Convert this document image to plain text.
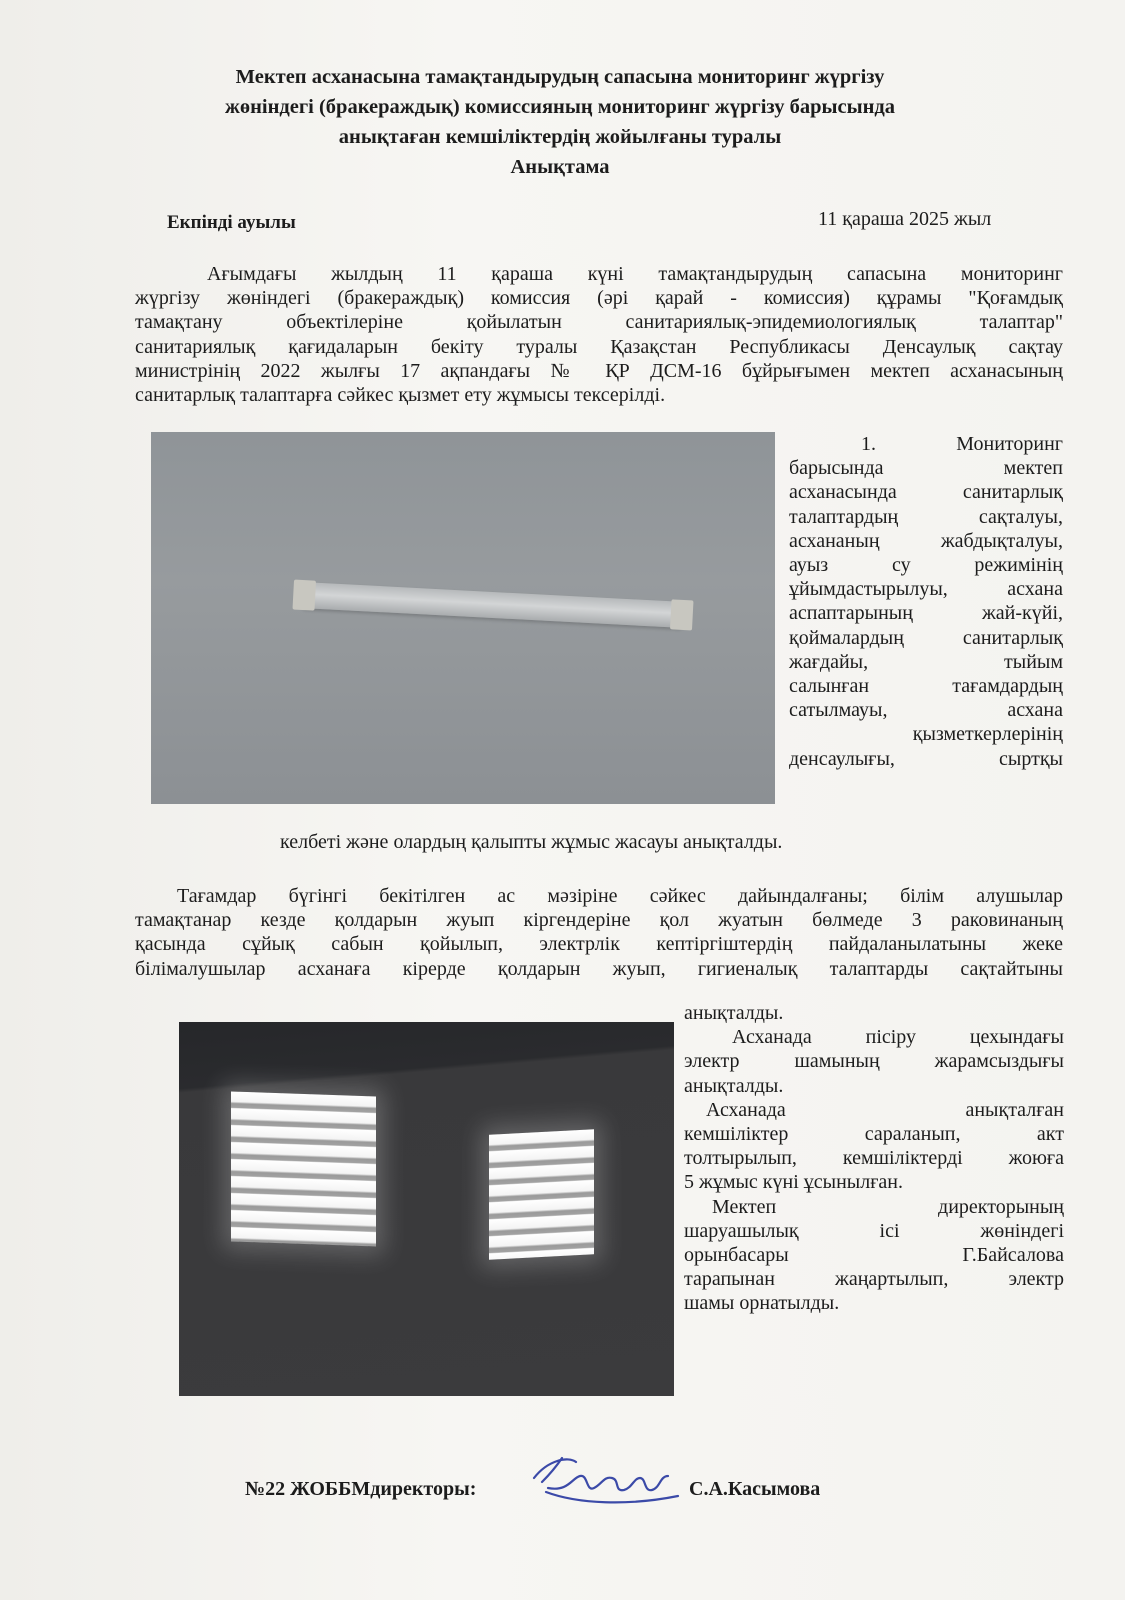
Мектеп асханасына тамақтандырудың сапасына мониторинг жүргізу
жөніндегі (бракераждық) комиссияның мониторинг жүргізу барысында
анықтаған кемшіліктердің жойылғаны туралы
Анықтама
Екпінді ауылы	11 қараша 2025 жыл
Ағымдағы жылдың 11 қараша күні тамақтандырудың сапасына мониторинг
жүргізу жөніндегі (бракераждық) комиссия (әрі қарай - комиссия) құрамы "Қоғамдық
тамақтану объектілеріне қойылатын санитариялық-эпидемиологиялық талаптар"
санитариялық қағидаларын бекіту туралы Қазақстан Республикасы Денсаулық сақтау
министрінің 2022 жылғы 17 ақпандағы № ҚР ДСМ-16 бұйрығымен мектеп асханасының
санитарлық талаптарға сәйкес қызмет ету жұмысы тексерілді.
1. Мониторинг
барысында мектеп
асханасында санитарлық
талаптардың сақталуы,
асхананың жабдықталуы,
ауыз су режимінің
ұйымдастырылуы, асхана
аспаптарының жай-күйі,
қоймалардың санитарлық
жағдайы, тыйым
салынған тағамдардың
сатылмауы, асхана
қызметкерлерінің
денсаулығы, сыртқы
келбеті және олардың қалыпты жұмыс жасауы анықталды.
Тағамдар бүгінгі бекітілген ас мәзіріне сәйкес дайындалғаны; білім алушылар
тамақтанар кезде қолдарын жуып кіргендеріне қол жуатын бөлмеде 3 раковинаның
қасында сұйық сабын қойылып, электрлік кептіргіштердің пайдаланылатыны жеке
білімалушылар асханаға кірерде қолдарын жуып, гигиеналық талаптарды сақтайтыны
анықталды.
Асханада пісіру цехындағы
электр шамының жарамсыздығы
анықталды.
Асханада анықталған
кемшіліктер сараланып, акт
толтырылып, кемшіліктерді жоюға
5 жұмыс күні ұсынылған.
Мектеп директорының
шаруашылық ісі жөніндегі
орынбасары Г.Байсалова
тарапынан жаңартылып, электр
шамы орнатылды.
№22 ЖОББМдиректоры:	С.А.Касымова
